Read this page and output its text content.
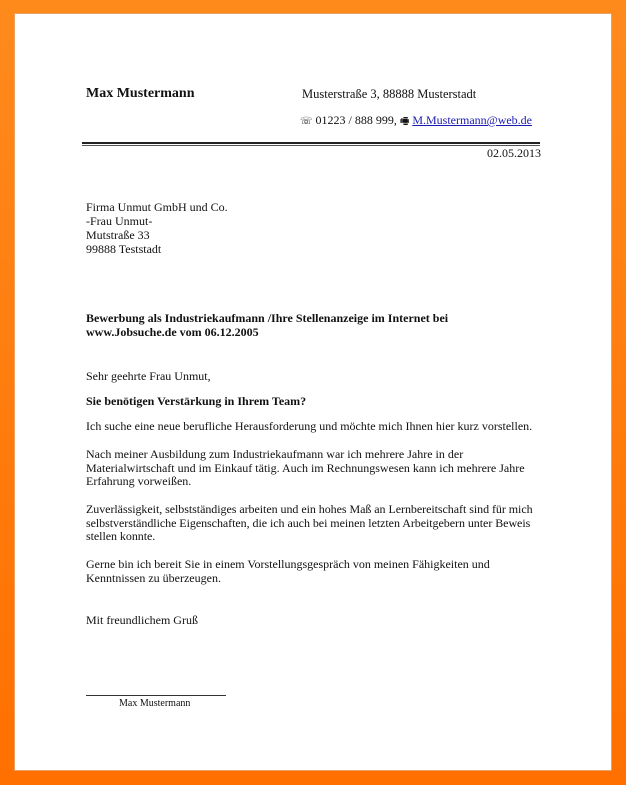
Max Mustermann	Musterstraße 3, 88888 Musterstadt
☏ 01223 / 888 999, 🖷 M.Mustermann@web.de
02.05.2013
Firma Unmut GmbH und Co.
-Frau Unmut-
Mutstraße 33
99888 Teststadt
Bewerbung als Industriekaufmann /Ihre Stellenanzeige im Internet bei
www.Jobsuche.de vom 06.12.2005
Sehr geehrte Frau Unmut,
Sie benötigen Verstärkung in Ihrem Team?
Ich suche eine neue berufliche Herausforderung und möchte mich Ihnen hier kurz vorstellen.
Nach meiner Ausbildung zum Industriekaufmann war ich mehrere Jahre in der
Materialwirtschaft und im Einkauf tätig. Auch im Rechnungswesen kann ich mehrere Jahre
Erfahrung vorweißen.
Zuverlässigkeit, selbstständiges arbeiten und ein hohes Maß an Lernbereitschaft sind für mich
selbstverständliche Eigenschaften, die ich auch bei meinen letzten Arbeitgebern unter Beweis
stellen konnte.
Gerne bin ich bereit Sie in einem Vorstellungsgespräch von meinen Fähigkeiten und
Kenntnissen zu überzeugen.
Mit freundlichem Gruß
Max Mustermann
